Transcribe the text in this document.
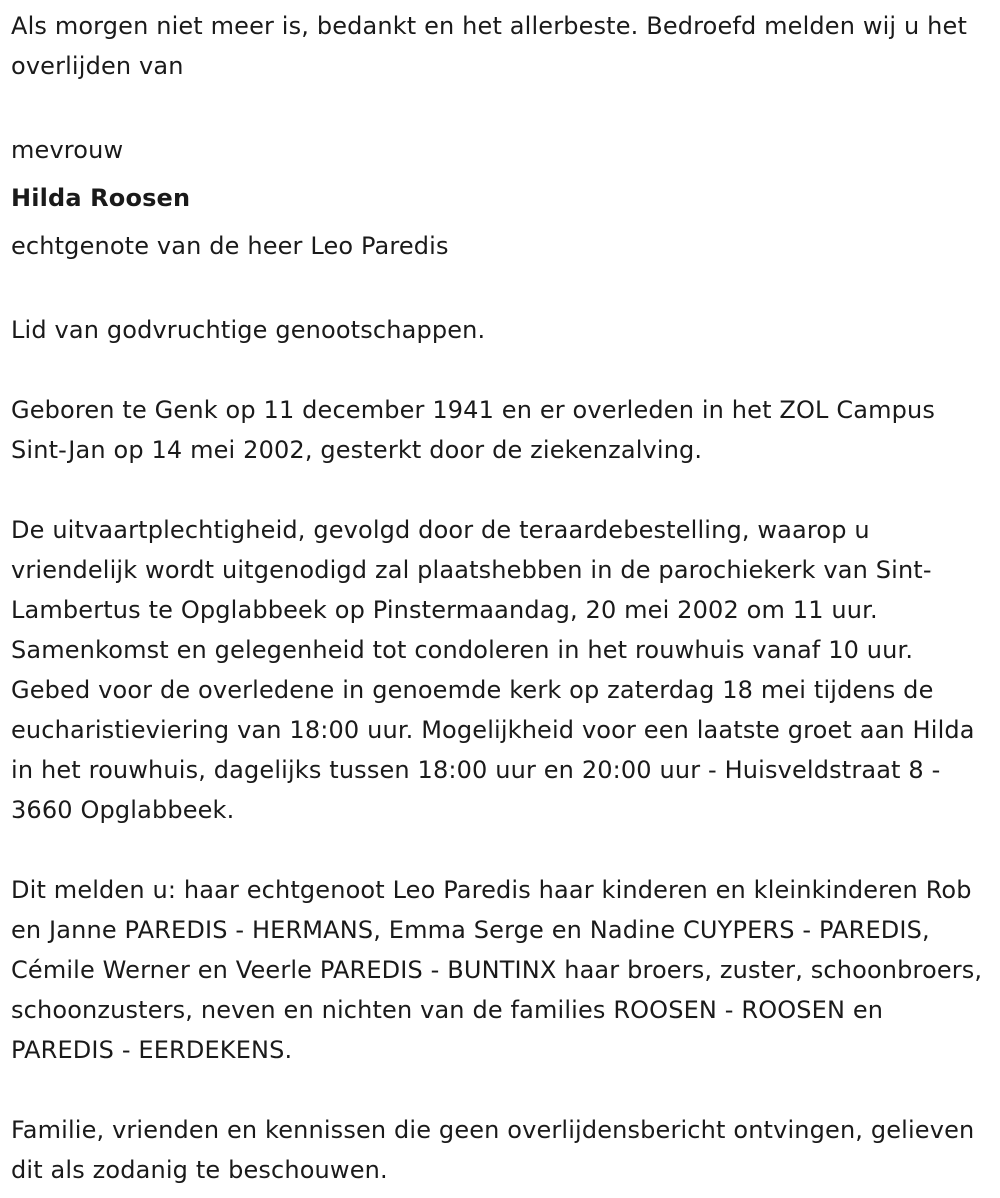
Als morgen niet meer is, bedankt en het allerbeste. Bedroefd melden wij u het overlijden van

mevrouw

Hilda Roosen

echtgenote van de heer Leo Paredis

Lid van godvruchtige genootschappen.

Geboren te Genk op 11 december 1941 en er overleden in het ZOL Campus Sint-Jan op 14 mei 2002, gesterkt door de ziekenzalving.

De uitvaartplechtigheid, gevolgd door de teraardebestelling, waarop u vriendelijk wordt uitgenodigd zal plaatshebben in de parochiekerk van Sint-Lambertus te Opglabbeek op Pinstermaandag, 20 mei 2002 om 11 uur. Samenkomst en gelegenheid tot condoleren in het rouwhuis vanaf 10 uur. Gebed voor de overledene in genoemde kerk op zaterdag 18 mei tijdens de eucharistieviering van 18:00 uur. Mogelijkheid voor een laatste groet aan Hilda in het rouwhuis, dagelijks tussen 18:00 uur en 20:00 uur - Huisveldstraat 8 - 3660 Opglabbeek.

Dit melden u: haar echtgenoot Leo Paredis haar kinderen en kleinkinderen Rob en Janne PAREDIS - HERMANS, Emma Serge en Nadine CUYPERS - PAREDIS, Cémile Werner en Veerle PAREDIS - BUNTINX haar broers, zuster, schoonbroers, schoonzusters, neven en nichten van de families ROOSEN - ROOSEN en PAREDIS - EERDEKENS.

Familie, vrienden en kennissen die geen overlijdensbericht ontvingen, gelieven dit als zodanig te beschouwen.
